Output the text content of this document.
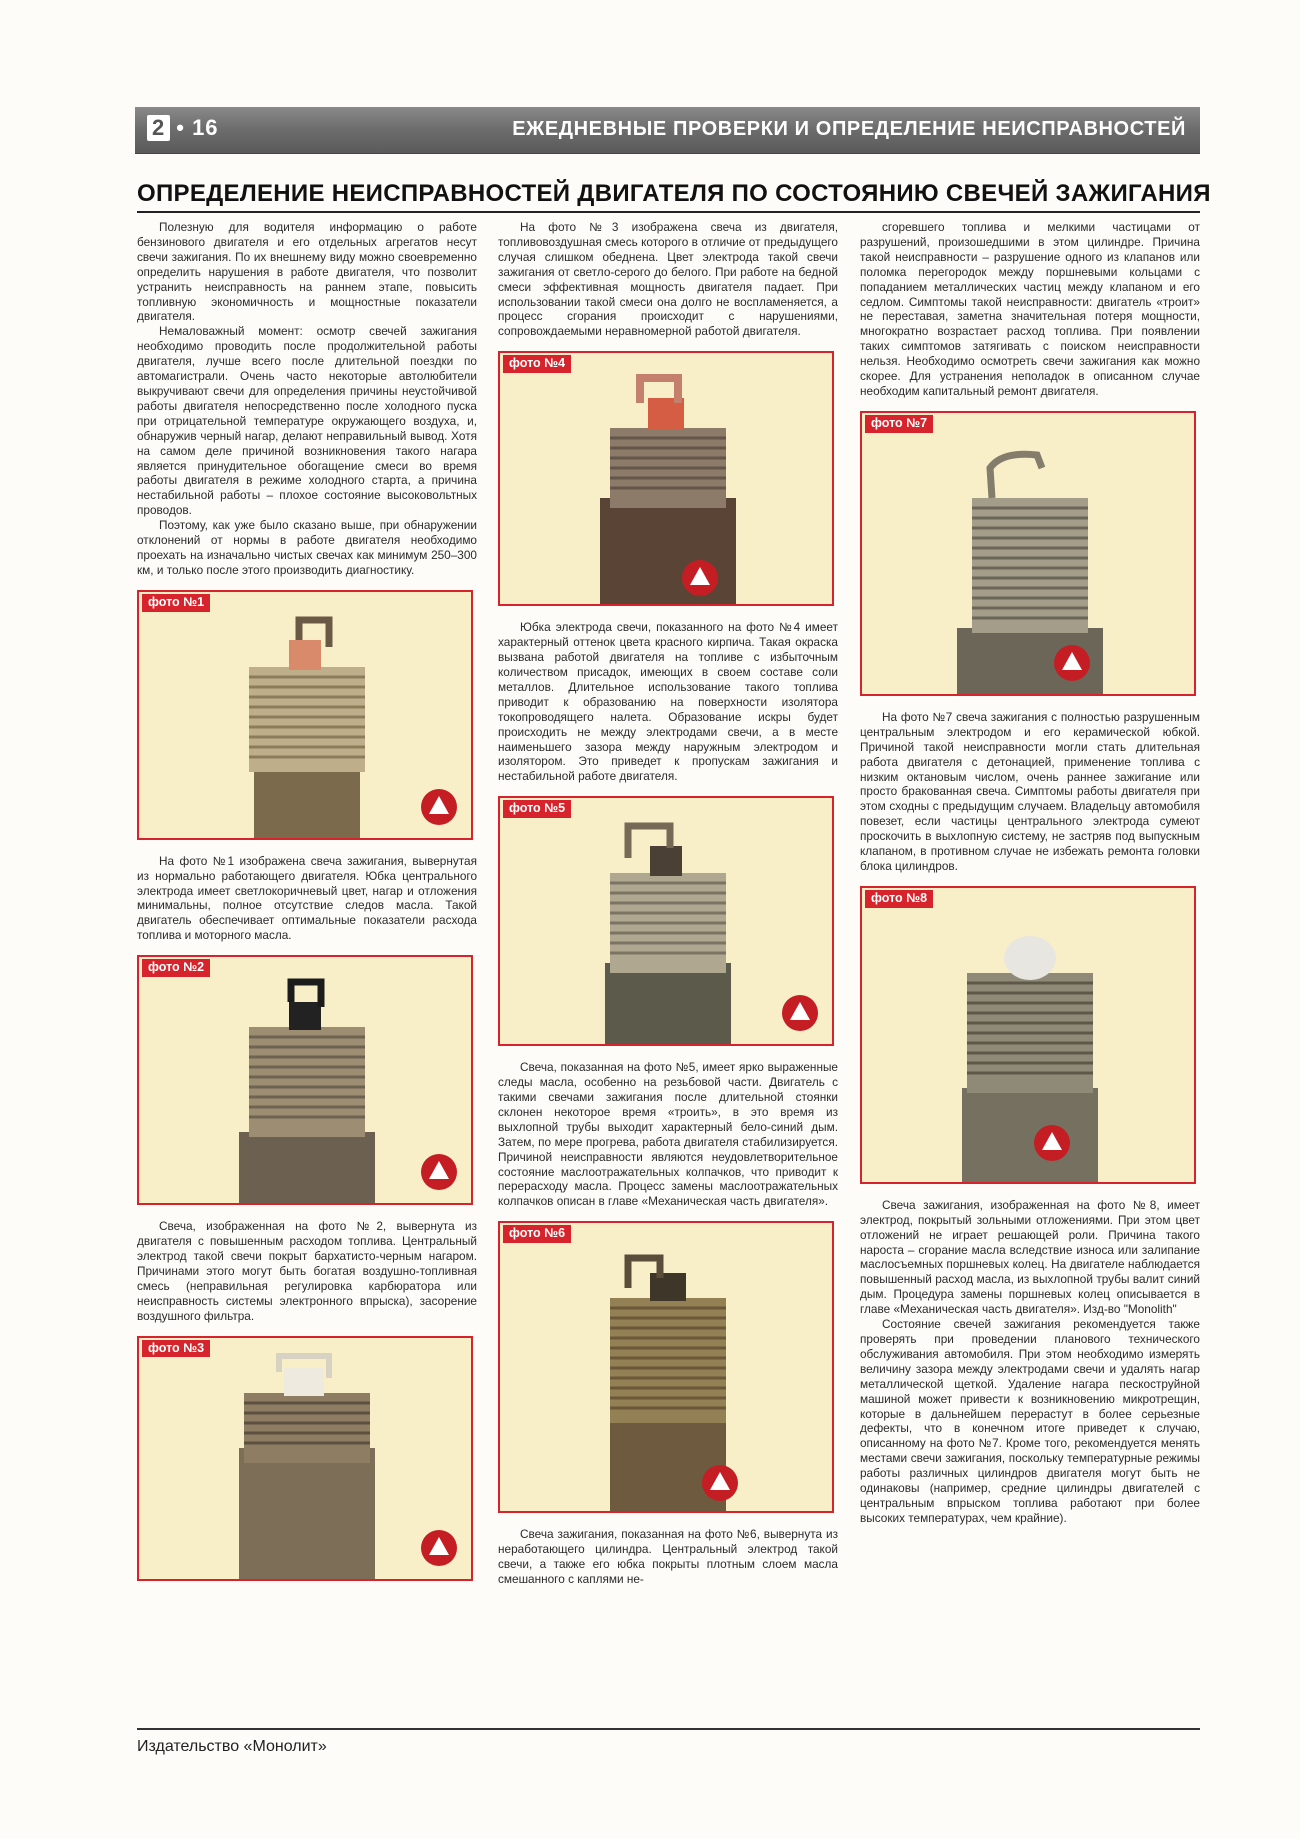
2 • 16	ЕЖЕДНЕВНЫЕ ПРОВЕРКИ И ОПРЕДЕЛЕНИЕ НЕИСПРАВНОСТЕЙ
ОПРЕДЕЛЕНИЕ НЕИСПРАВНОСТЕЙ ДВИГАТЕЛЯ ПО СОСТОЯНИЮ СВЕЧЕЙ ЗАЖИГАНИЯ

Полезную для водителя информацию о работе бензинового двигателя и его отдельных агрегатов несут свечи зажигания. По их внешнему виду можно своевременно определить нарушения в работе двигателя, что позволит устранить неисправность на раннем этапе, повысить топливную экономичность и мощностные показатели двигателя.

Немаловажный момент: осмотр свечей зажигания необходимо проводить после продолжительной работы двигателя, лучше всего после длительной поездки по автомагистрали. Очень часто некоторые автолюбители выкручивают свечи для определения причины неустойчивой работы двигателя непосредственно после холодного пуска при отрицательной температуре окружающего воздуха, и, обнаружив черный нагар, делают неправильный вывод. Хотя на самом деле причиной возникновения такого нагара является принудительное обогащение смеси во время работы двигателя в режиме холодного старта, а причина нестабильной работы – плохое состояние высоковольтных проводов.

Поэтому, как уже было сказано выше, при обнаружении отклонений от нормы в работе двигателя необходимо проехать на изначально чистых свечах как минимум 250–300 км, и только после этого производить диагностику.

фото №1

На фото №1 изображена свеча зажигания, вывернутая из нормально работающего двигателя. Юбка центрального электрода имеет светлокоричневый цвет, нагар и отложения минимальны, полное отсутствие следов масла. Такой двигатель обеспечивает оптимальные показатели расхода топлива и моторного масла.

фото №2

Свеча, изображенная на фото №2, вывернута из двигателя с повышенным расходом топлива. Центральный электрод такой свечи покрыт бархатисто-черным нагаром. Причинами этого могут быть богатая воздушно-топливная смесь (неправильная регулировка карбюратора или неисправность системы электронного впрыска), засорение воздушного фильтра.

фото №3

На фото №3 изображена свеча из двигателя, топливовоздушная смесь которого в отличие от предыдущего случая слишком обеднена. Цвет электрода такой свечи зажигания от светло-серого до белого. При работе на бедной смеси эффективная мощность двигателя падает. При использовании такой смеси она долго не воспламеняется, а процесс сгорания происходит с нарушениями, сопровождаемыми неравномерной работой двигателя.

фото №4

Юбка электрода свечи, показанного на фото №4 имеет характерный оттенок цвета красного кирпича. Такая окраска вызвана работой двигателя на топливе с избыточным количеством присадок, имеющих в своем составе соли металлов. Длительное использование такого топлива приводит к образованию на поверхности изолятора токопроводящего налета. Образование искры будет происходить не между электродами свечи, а в месте наименьшего зазора между наружным электродом и изолятором. Это приведет к пропускам зажигания и нестабильной работе двигателя.

фото №5

Свеча, показанная на фото №5, имеет ярко выраженные следы масла, особенно на резьбовой части. Двигатель с такими свечами зажигания после длительной стоянки склонен некоторое время «троить», в это время из выхлопной трубы выходит характерный бело-синий дым. Затем, по мере прогрева, работа двигателя стабилизируется. Причиной неисправности являются неудовлетворительное состояние маслоотражательных колпачков, что приводит к перерасходу масла. Процесс замены маслоотражательных колпачков описан в главе «Механическая часть двигателя».

фото №6

Свеча зажигания, показанная на фото №6, вывернута из неработающего цилиндра. Центральный электрод такой свечи, а также его юбка покрыты плотным слоем масла смешанного с каплями не-

сгоревшего топлива и мелкими частицами от разрушений, произошедшими в этом цилиндре. Причина такой неисправности – разрушение одного из клапанов или поломка перегородок между поршневыми кольцами с попаданием металлических частиц между клапаном и его седлом. Симптомы такой неисправности: двигатель «троит» не переставая, заметна значительная потеря мощности, многократно возрастает расход топлива. При появлении таких симптомов затягивать с поиском неисправности нельзя. Необходимо осмотреть свечи зажигания как можно скорее. Для устранения неполадок в описанном случае необходим капитальный ремонт двигателя.

фото №7

На фото №7 свеча зажигания с полностью разрушенным центральным электродом и его керамической юбкой. Причиной такой неисправности могли стать длительная работа двигателя с детонацией, применение топлива с низким октановым числом, очень раннее зажигание или просто бракованная свеча. Симптомы работы двигателя при этом сходны с предыдущим случаем. Владельцу автомобиля повезет, если частицы центрального электрода сумеют проскочить в выхлопную систему, не застряв под выпускным клапаном, в противном случае не избежать ремонта головки блока цилиндров.

фото №8

Свеча зажигания, изображенная на фото №8, имеет электрод, покрытый зольными отложениями. При этом цвет отложений не играет решающей роли. Причина такого нароста – сгорание масла вследствие износа или залипание маслосъемных поршневых колец. На двигателе наблюдается повышенный расход масла, из выхлопной трубы валит синий дым. Процедура замены поршневых колец описывается в главе «Механическая часть двигателя». Изд-во "Monolith"

Состояние свечей зажигания рекомендуется также проверять при проведении планового технического обслуживания автомобиля. При этом необходимо измерять величину зазора между электродами свечи и удалять нагар металлической щеткой. Удаление нагара пескоструйной машиной может привести к возникновению микротрещин, которые в дальнейшем перерастут в более серьезные дефекты, что в конечном итоге приведет к случаю, описанному на фото №7. Кроме того, рекомендуется менять местами свечи зажигания, поскольку температурные режимы работы различных цилиндров двигателя могут быть не одинаковы (например, средние цилиндры двигателей с центральным впрыском топлива работают при более высоких температурах, чем крайние).

Издательство «Монолит»
